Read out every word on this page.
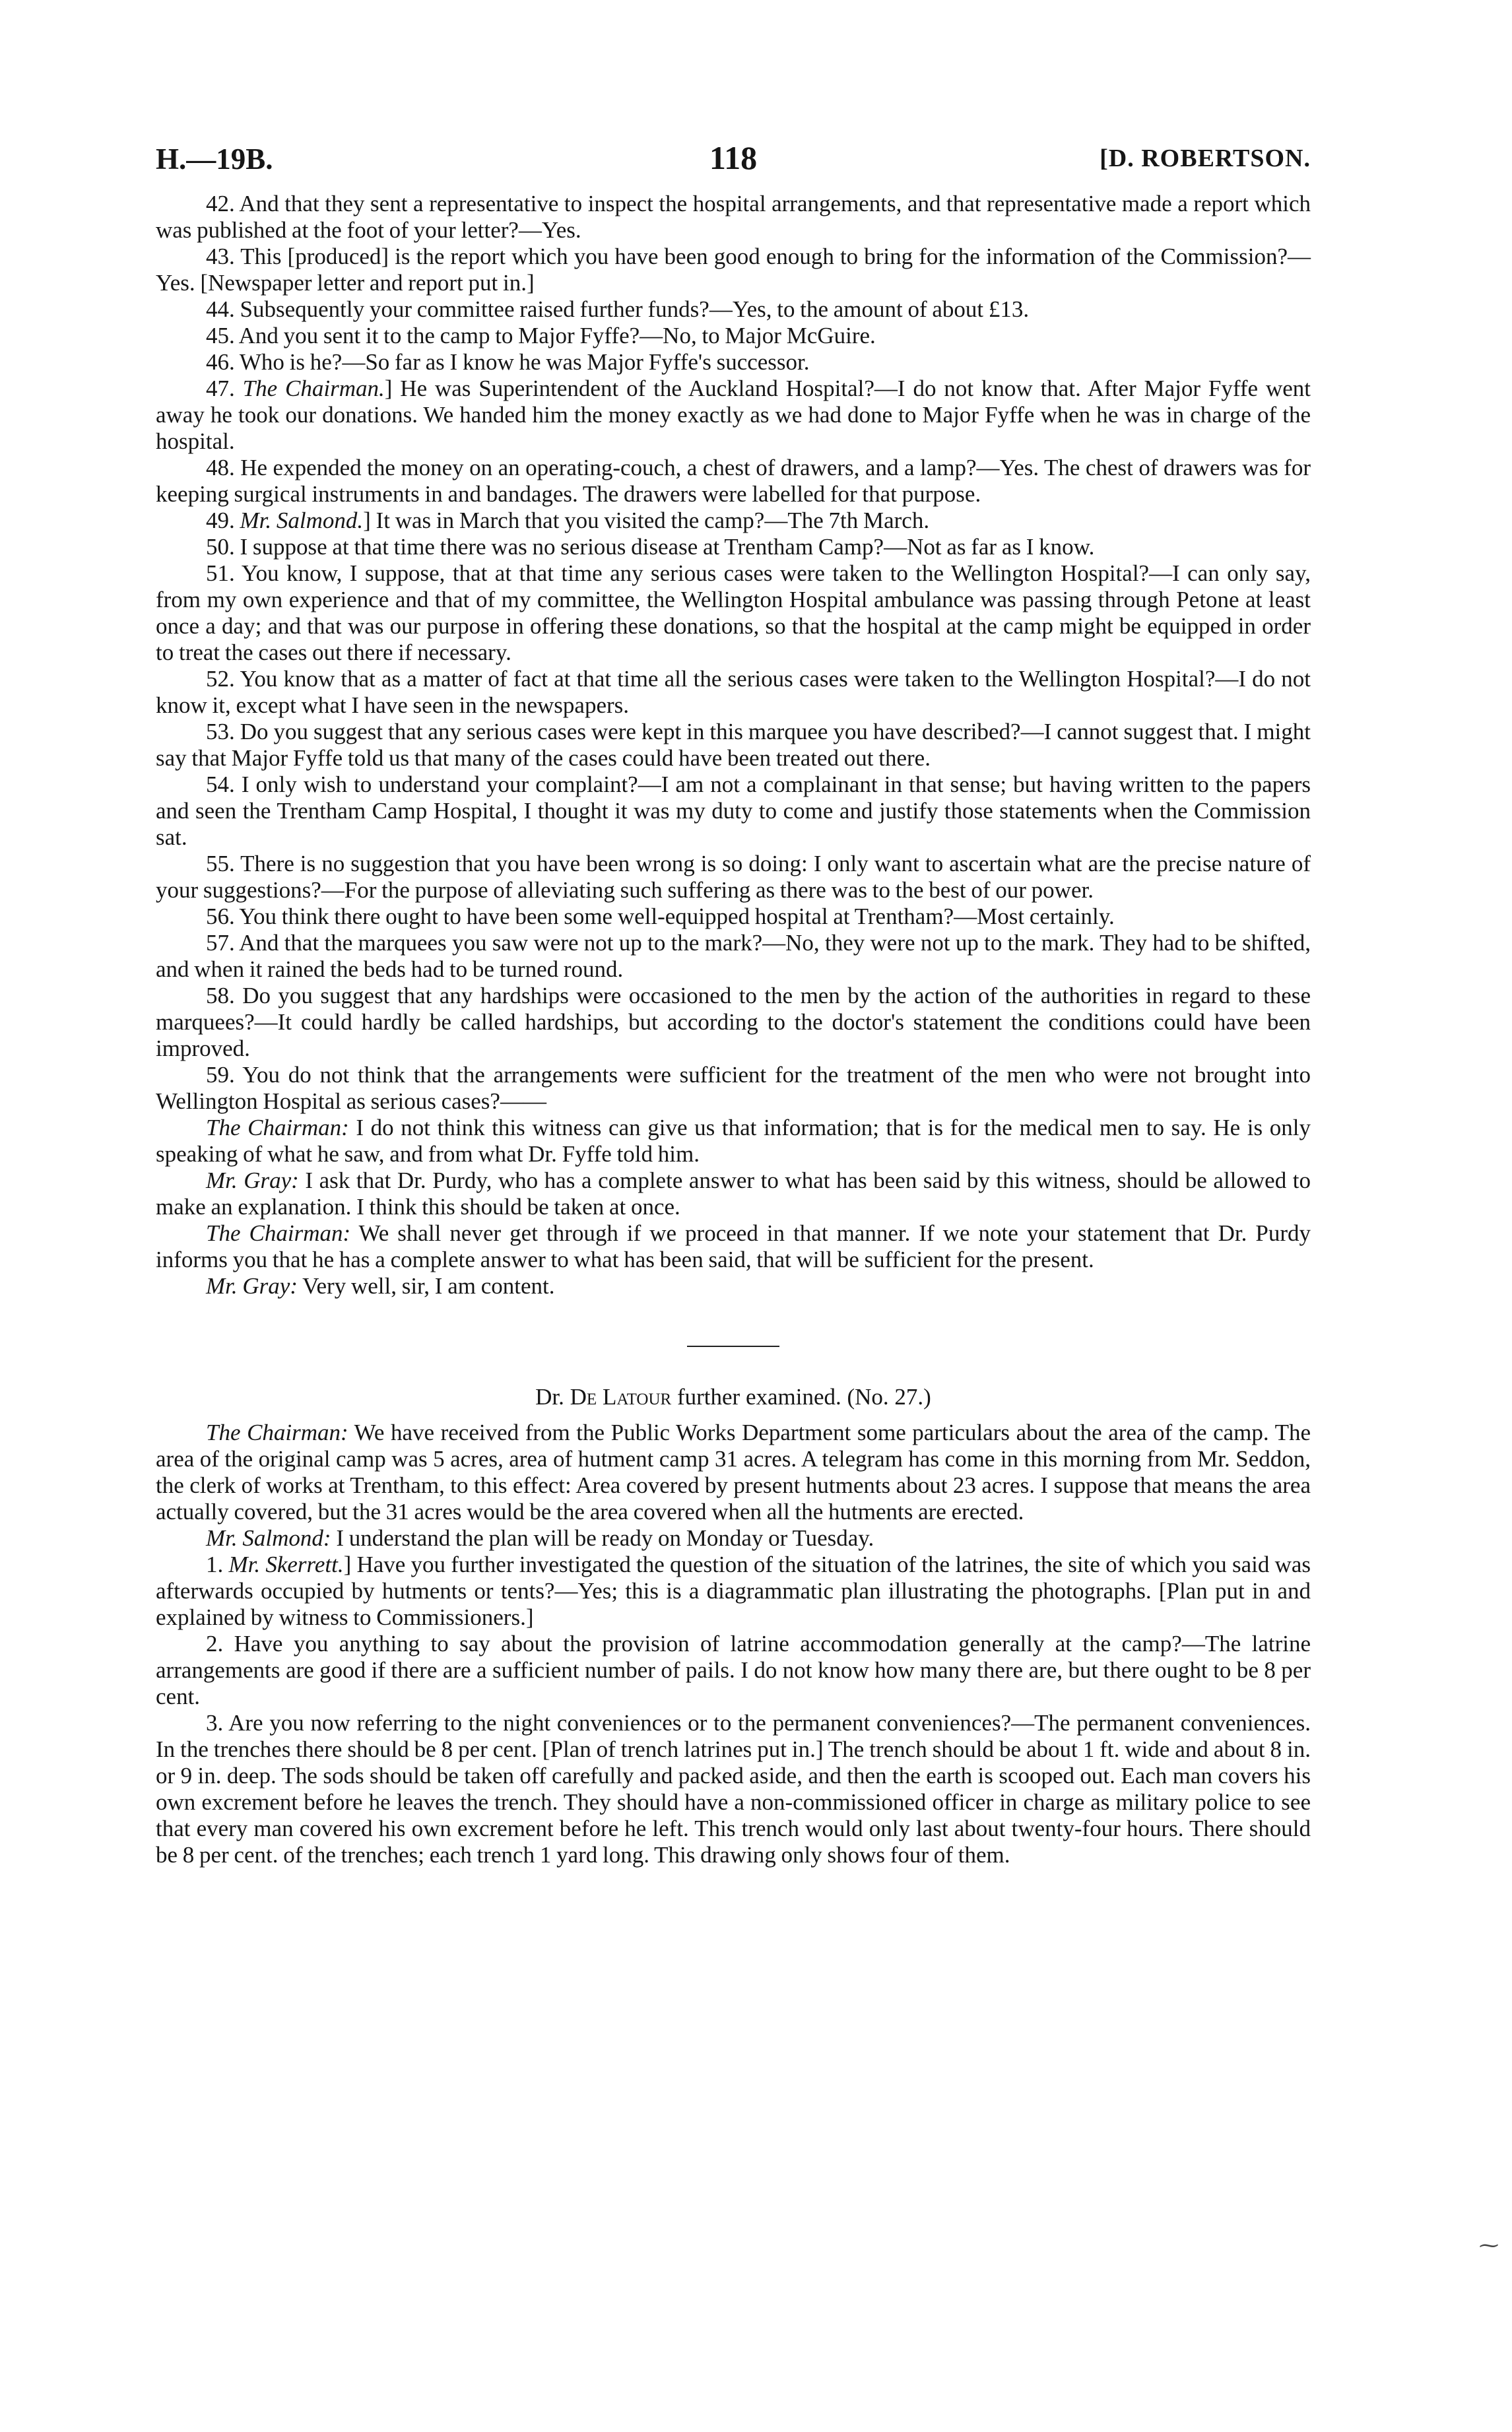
H.—19B.	118	[D. ROBERTSON.

42. And that they sent a representative to inspect the hospital arrangements, and that representative made a report which was published at the foot of your letter?—Yes.

43. This [produced] is the report which you have been good enough to bring for the information of the Commission?—Yes. [Newspaper letter and report put in.]

44. Subsequently your committee raised further funds?—Yes, to the amount of about £13.

45. And you sent it to the camp to Major Fyffe?—No, to Major McGuire.

46. Who is he?—So far as I know he was Major Fyffe's successor.

47. The Chairman.] He was Superintendent of the Auckland Hospital?—I do not know that. After Major Fyffe went away he took our donations. We handed him the money exactly as we had done to Major Fyffe when he was in charge of the hospital.

48. He expended the money on an operating-couch, a chest of drawers, and a lamp?—Yes. The chest of drawers was for keeping surgical instruments in and bandages. The drawers were labelled for that purpose.

49. Mr. Salmond.] It was in March that you visited the camp?—The 7th March.

50. I suppose at that time there was no serious disease at Trentham Camp?—Not as far as I know.

51. You know, I suppose, that at that time any serious cases were taken to the Wellington Hospital?—I can only say, from my own experience and that of my committee, the Wellington Hospital ambulance was passing through Petone at least once a day; and that was our purpose in offering these donations, so that the hospital at the camp might be equipped in order to treat the cases out there if necessary.

52. You know that as a matter of fact at that time all the serious cases were taken to the Wellington Hospital?—I do not know it, except what I have seen in the newspapers.

53. Do you suggest that any serious cases were kept in this marquee you have described?—I cannot suggest that. I might say that Major Fyffe told us that many of the cases could have been treated out there.

54. I only wish to understand your complaint?—I am not a complainant in that sense; but having written to the papers and seen the Trentham Camp Hospital, I thought it was my duty to come and justify those statements when the Commission sat.

55. There is no suggestion that you have been wrong is so doing: I only want to ascertain what are the precise nature of your suggestions?—For the purpose of alleviating such suffering as there was to the best of our power.

56. You think there ought to have been some well-equipped hospital at Trentham?—Most certainly.

57. And that the marquees you saw were not up to the mark?—No, they were not up to the mark. They had to be shifted, and when it rained the beds had to be turned round.

58. Do you suggest that any hardships were occasioned to the men by the action of the authorities in regard to these marquees?—It could hardly be called hardships, but according to the doctor's statement the conditions could have been improved.

59. You do not think that the arrangements were sufficient for the treatment of the men who were not brought into Wellington Hospital as serious cases?——

The Chairman: I do not think this witness can give us that information; that is for the medical men to say. He is only speaking of what he saw, and from what Dr. Fyffe told him.

Mr. Gray: I ask that Dr. Purdy, who has a complete answer to what has been said by this witness, should be allowed to make an explanation. I think this should be taken at once.

The Chairman: We shall never get through if we proceed in that manner. If we note your statement that Dr. Purdy informs you that he has a complete answer to what has been said, that will be sufficient for the present.

Mr. Gray: Very well, sir, I am content.

Dr. De Latour further examined. (No. 27.)

The Chairman: We have received from the Public Works Department some particulars about the area of the camp. The area of the original camp was 5 acres, area of hutment camp 31 acres. A telegram has come in this morning from Mr. Seddon, the clerk of works at Trentham, to this effect: Area covered by present hutments about 23 acres. I suppose that means the area actually covered, but the 31 acres would be the area covered when all the hutments are erected.

Mr. Salmond: I understand the plan will be ready on Monday or Tuesday.

1. Mr. Skerrett.] Have you further investigated the question of the situation of the latrines, the site of which you said was afterwards occupied by hutments or tents?—Yes; this is a diagrammatic plan illustrating the photographs. [Plan put in and explained by witness to Commissioners.]

2. Have you anything to say about the provision of latrine accommodation generally at the camp?—The latrine arrangements are good if there are a sufficient number of pails. I do not know how many there are, but there ought to be 8 per cent.

3. Are you now referring to the night conveniences or to the permanent conveniences?—The permanent conveniences. In the trenches there should be 8 per cent. [Plan of trench latrines put in.] The trench should be about 1 ft. wide and about 8 in. or 9 in. deep. The sods should be taken off carefully and packed aside, and then the earth is scooped out. Each man covers his own excrement before he leaves the trench. They should have a non-commissioned officer in charge as military police to see that every man covered his own excrement before he left. This trench would only last about twenty-four hours. There should be 8 per cent. of the trenches; each trench 1 yard long. This drawing only shows four of them.

⁓
